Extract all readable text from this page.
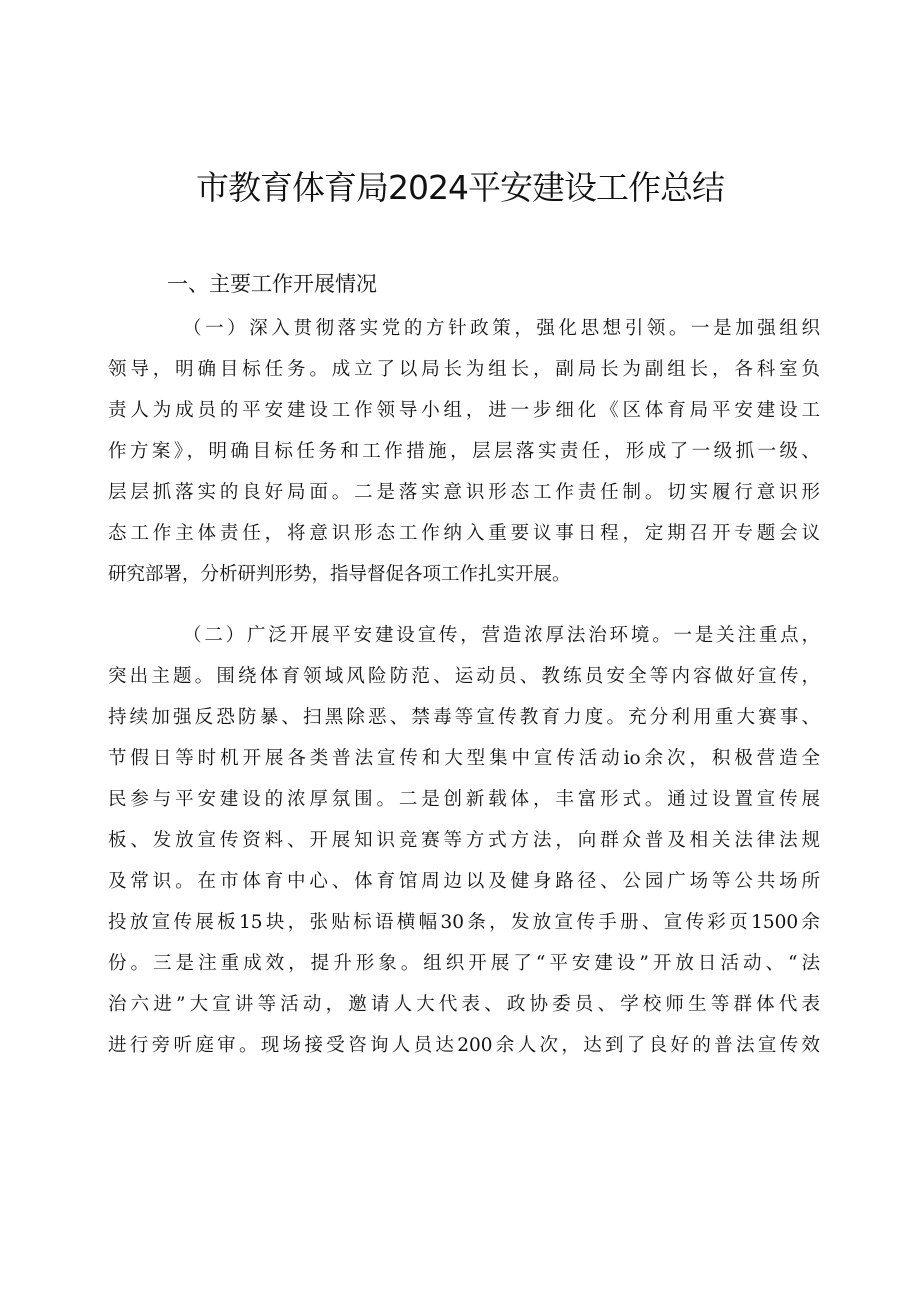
市教育体育局2024平安建设工作总结
一、主要工作开展情况
（一）深入贯彻落实党的方针政策，强化思想引领。一是加强组织
领导，明确目标任务。成立了以局长为组长，副局长为副组长，各科室负
责人为成员的平安建设工作领导小组，进一步细化《区体育局平安建设工
作方案》，明确目标任务和工作措施，层层落实责任，形成了一级抓一级、
层层抓落实的良好局面。二是落实意识形态工作责任制。切实履行意识形
态工作主体责任，将意识形态工作纳入重要议事日程，定期召开专题会议
研究部署，分析研判形势，指导督促各项工作扎实开展。
（二）广泛开展平安建设宣传，营造浓厚法治环境。一是关注重点，
突出主题。围绕体育领域风险防范、运动员、教练员安全等内容做好宣传，
持续加强反恐防暴、扫黑除恶、禁毒等宣传教育力度。充分利用重大赛事、
节假日等时机开展各类普法宣传和大型集中宣传活动io余次，积极营造全
民参与平安建设的浓厚氛围。二是创新载体，丰富形式。通过设置宣传展
板、发放宣传资料、开展知识竞赛等方式方法，向群众普及相关法律法规
及常识。在市体育中心、体育馆周边以及健身路径、公园广场等公共场所
投放宣传展板15块，张贴标语横幅30条，发放宣传手册、宣传彩页1500余
份。三是注重成效，提升形象。组织开展了“平安建设”开放日活动、“法
治六进”大宣讲等活动，邀请人大代表、政协委员、学校师生等群体代表
进行旁听庭审。现场接受咨询人员达200余人次，达到了良好的普法宣传效
